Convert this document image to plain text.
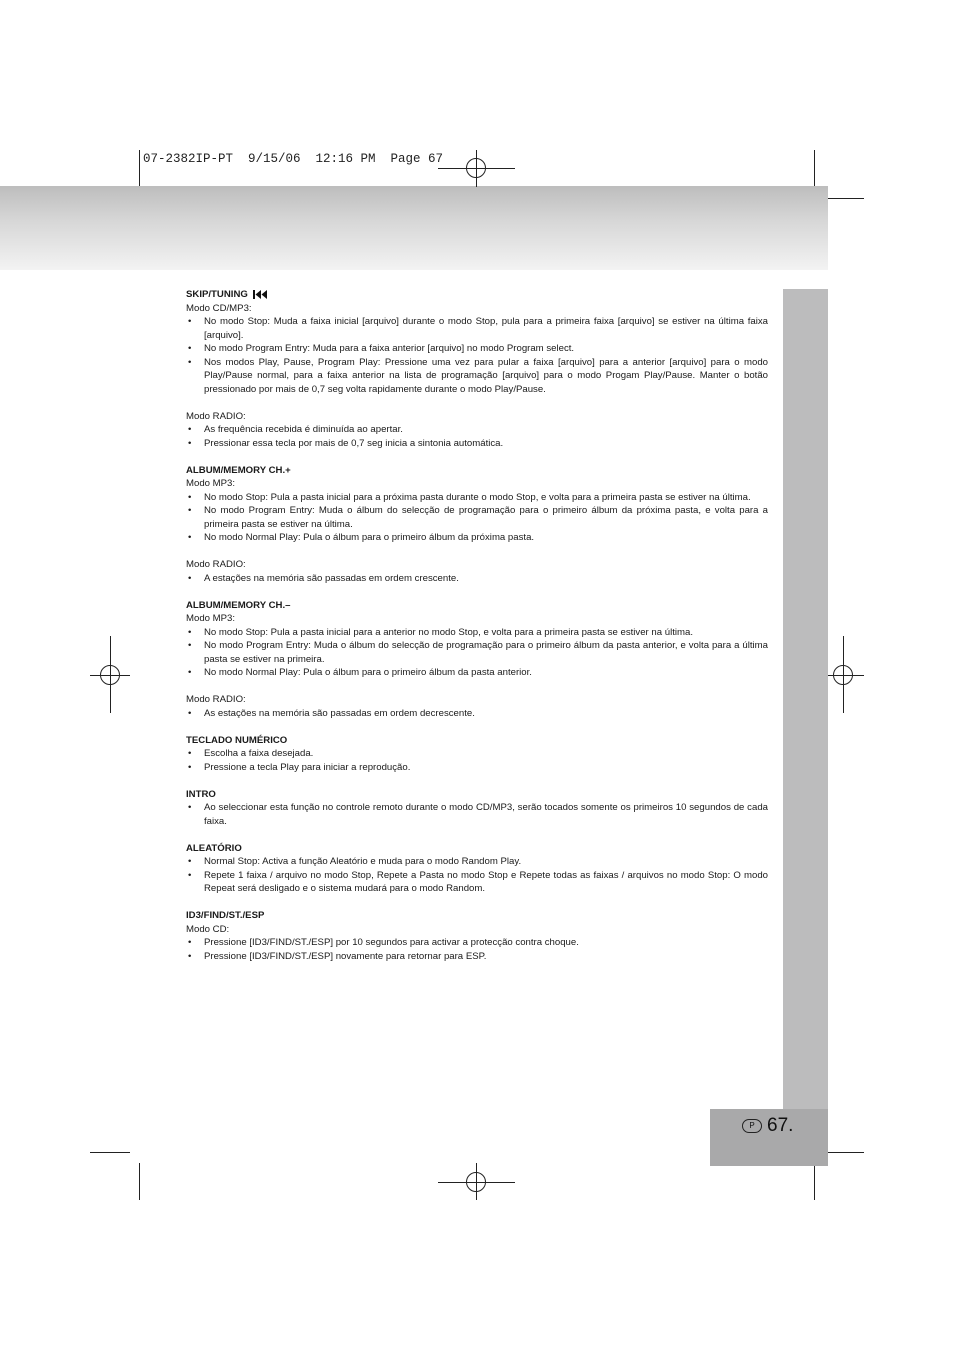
07-2382IP-PT  9/15/06  12:16 PM  Page 67
P 67.
SKIP/TUNING
Modo CD/MP3:
• No modo Stop: Muda a faixa inicial [arquivo] durante o modo Stop, pula para a primeira faixa [arquivo] se estiver na última faixa [arquivo].
• No modo Program Entry: Muda para a faixa anterior [arquivo] no modo Program select.
• Nos modos Play, Pause, Program Play: Pressione uma vez para pular a faixa [arquivo] para a anterior [arquivo] para o modo Play/Pause normal, para a faixa anterior na lista de programação [arquivo] para o modo Progam Play/Pause. Manter o botão pressionado por mais de 0,7 seg volta rapidamente durante o modo Play/Pause.
Modo RADIO:
• As frequência recebida é diminuída ao apertar.
• Pressionar essa tecla por mais de 0,7 seg inicia a sintonia automática.
ALBUM/MEMORY CH.+
Modo MP3:
• No modo Stop: Pula a pasta inicial para a próxima pasta durante o modo Stop, e volta para a primeira pasta se estiver na última.
• No modo Program Entry: Muda o álbum do selecção de programação para o primeiro álbum da próxima pasta, e volta para a primeira pasta se estiver na última.
• No modo Normal Play: Pula o álbum para o primeiro álbum da próxima pasta.
Modo RADIO:
• A estações na memória são passadas em ordem crescente.
ALBUM/MEMORY CH.–
Modo MP3:
• No modo Stop: Pula a pasta inicial para a anterior no modo Stop, e volta para a primeira pasta se estiver na última.
• No modo Program Entry: Muda o álbum do selecção de programação para o primeiro álbum da pasta anterior, e volta para a última pasta se estiver na primeira.
• No modo Normal Play: Pula o álbum para o primeiro álbum da pasta anterior.
Modo RADIO:
• As estações na memória são passadas em ordem decrescente.
TECLADO NUMÉRICO
• Escolha a faixa desejada.
• Pressione a tecla Play para iniciar a reprodução.
INTRO
• Ao seleccionar esta função no controle remoto durante o modo CD/MP3, serão tocados somente os primeiros 10 segundos de cada faixa.
ALEATÓRIO
• Normal Stop: Activa a função Aleatório e muda para o modo Random Play.
• Repete 1 faixa / arquivo no modo Stop, Repete a Pasta no modo Stop e Repete todas as faixas / arquivos no modo Stop: O modo Repeat será desligado e o sistema mudará para o modo Random.
ID3/FIND/ST./ESP
Modo CD:
• Pressione [ID3/FIND/ST./ESP] por 10 segundos para activar a protecção contra choque.
• Pressione [ID3/FIND/ST./ESP] novamente para retornar para ESP.
